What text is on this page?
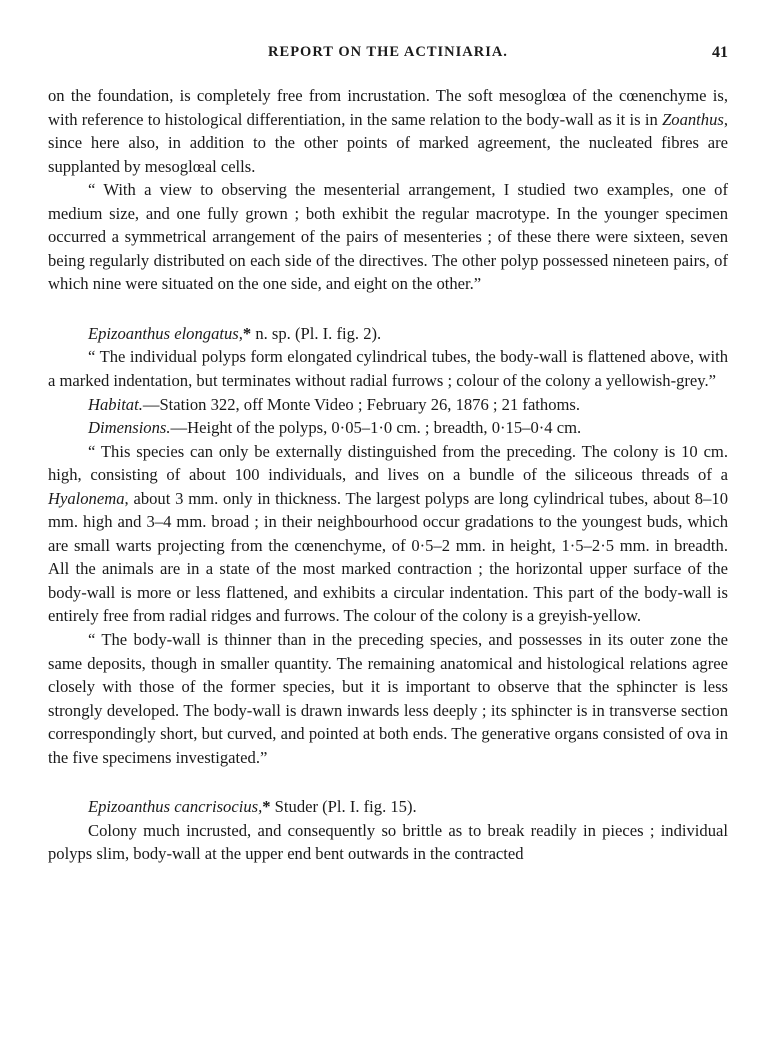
REPORT ON THE ACTINIARIA.	41

on the foundation, is completely free from incrustation. The soft mesoglœa of the cœnenchyme is, with reference to histological differentiation, in the same relation to the body-wall as it is in Zoanthus, since here also, in addition to the other points of marked agreement, the nucleated fibres are supplanted by mesoglœal cells.

“ With a view to observing the mesenterial arrangement, I studied two examples, one of medium size, and one fully grown ; both exhibit the regular macrotype. In the younger specimen occurred a symmetrical arrangement of the pairs of mesenteries ; of these there were sixteen, seven being regularly distributed on each side of the directives. The other polyp possessed nineteen pairs, of which nine were situated on the one side, and eight on the other.”

Epizoanthus elongatus,* n. sp. (Pl. I. fig. 2).

“ The individual polyps form elongated cylindrical tubes, the body-wall is flattened above, with a marked indentation, but terminates without radial furrows ; colour of the colony a yellowish-grey.”

Habitat.—Station 322, off Monte Video ; February 26, 1876 ; 21 fathoms.

Dimensions.—Height of the polyps, 0·05–1·0 cm. ; breadth, 0·15–0·4 cm.

“ This species can only be externally distinguished from the preceding. The colony is 10 cm. high, consisting of about 100 individuals, and lives on a bundle of the siliceous threads of a Hyalonema, about 3 mm. only in thickness. The largest polyps are long cylindrical tubes, about 8–10 mm. high and 3–4 mm. broad ; in their neighbourhood occur gradations to the youngest buds, which are small warts projecting from the cœnenchyme, of 0·5–2 mm. in height, 1·5–2·5 mm. in breadth. All the animals are in a state of the most marked contraction ; the horizontal upper surface of the body-wall is more or less flattened, and exhibits a circular indentation. This part of the body-wall is entirely free from radial ridges and furrows. The colour of the colony is a greyish-yellow.

“ The body-wall is thinner than in the preceding species, and possesses in its outer zone the same deposits, though in smaller quantity. The remaining anatomical and histological relations agree closely with those of the former species, but it is important to observe that the sphincter is less strongly developed. The body-wall is drawn inwards less deeply ; its sphincter is in transverse section correspondingly short, but curved, and pointed at both ends. The generative organs consisted of ova in the five specimens investigated.”

Epizoanthus cancrisocius,* Studer (Pl. I. fig. 15).

Colony much incrusted, and consequently so brittle as to break readily in pieces ; individual polyps slim, body-wall at the upper end bent outwards in the contracted
